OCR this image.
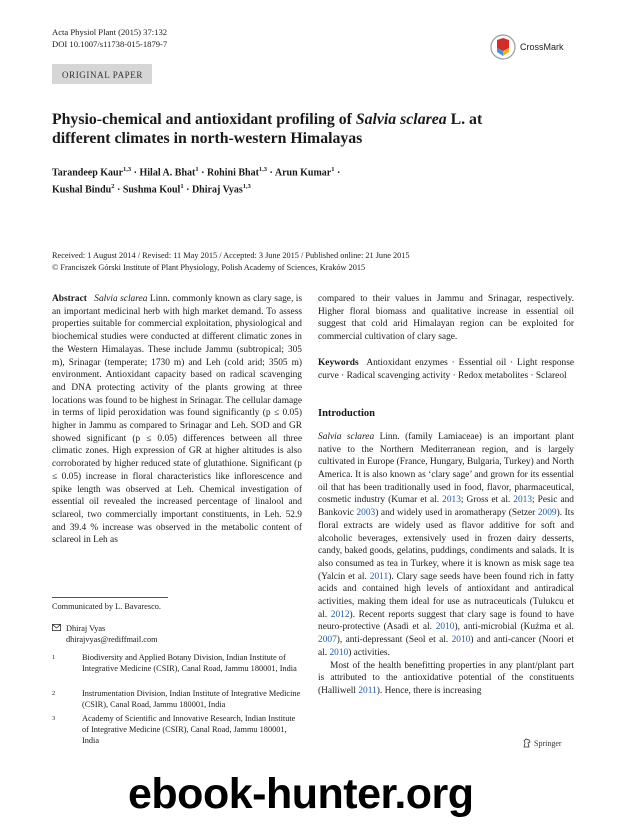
Acta Physiol Plant (2015) 37:132
DOI 10.1007/s11738-015-1879-7	CrossMark
ORIGINAL PAPER
Physio-chemical and antioxidant profiling of Salvia sclarea L. at different climates in north-western Himalayas
Tarandeep Kaur$^{1,3}$ · Hilal A. Bhat$^1$ · Rohini Bhat$^{1,3}$ · Arun Kumar$^1$ ·
Kushal Bindu$^2$ · Sushma Koul$^1$ · Dhiraj Vyas$^{1,3}$
Received: 1 August 2014 / Revised: 11 May 2015 / Accepted: 3 June 2015 / Published online: 21 June 2015
© Franciszek Górski Institute of Plant Physiology, Polish Academy of Sciences, Kraków 2015
Abstract Salvia sclarea Linn. commonly known as clary sage, is an important medicinal herb with high market demand. To assess properties suitable for commercial exploitation, physiological and biochemical studies were conducted at different climatic zones in the Western Himalayas. These include Jammu (subtropical; 305 m), Srinagar (temperate; 1730 m) and Leh (cold arid; 3505 m) environment. Antioxidant capacity based on radical scavenging and DNA protecting activity of the plants growing at three locations was found to be highest in Srinagar. The cellular damage in terms of lipid peroxidation was found significantly (p ≤ 0.05) higher in Jammu as compared to Srinagar and Leh. SOD and GR showed significant (p ≤ 0.05) differences between all three climatic zones. High expression of GR at higher altitudes is also corroborated by higher reduced state of glutathione. Significant (p ≤ 0.05) increase in floral characteristics like inflorescence and spike length was observed at Leh. Chemical investigation of essential oil revealed the increased percentage of linalool and sclareol, two commercially important constituents, in Leh. 52.9 and 39.4 % increase was observed in the metabolic content of sclareol in Leh as
Communicated by L. Bavaresco.
Dhiraj Vyas
dhirajvyas@rediffmail.com
1	Biodiversity and Applied Botany Division, Indian Institute of Integrative Medicine (CSIR), Canal Road, Jammu 180001, India
2	Instrumentation Division, Indian Institute of Integrative Medicine (CSIR), Canal Road, Jammu 180001, India
3	Academy of Scientific and Innovative Research, Indian Institute of Integrative Medicine (CSIR), Canal Road, Jammu 180001, India
compared to their values in Jammu and Srinagar, respectively. Higher floral biomass and qualitative increase in essential oil suggest that cold arid Himalayan region can be exploited for commercial cultivation of clary sage.
Keywords Antioxidant enzymes · Essential oil · Light response curve · Radical scavenging activity · Redox metabolites · Sclareol
Introduction
Salvia sclarea Linn. (family Lamiaceae) is an important plant native to the Northern Mediterranean region, and is largely cultivated in Europe (France, Hungary, Bulgaria, Turkey) and North America. It is also known as ‘clary sage’ and grown for its essential oil that has been traditionally used in food, flavor, pharmaceutical, cosmetic industry (Kumar et al. 2013; Gross et al. 2013; Pesic and Bankovic 2003) and widely used in aromatherapy (Setzer 2009). Its floral extracts are widely used as flavor additive for soft and alcoholic beverages, extensively used in frozen dairy desserts, candy, baked goods, gelatins, puddings, condiments and salads. It is also consumed as tea in Turkey, where it is known as misk sage tea (Yalcin et al. 2011). Clary sage seeds have been found rich in fatty acids and contained high levels of antioxidant and antiradical activities, making them ideal for use as nutraceuticals (Tulukcu et al. 2012). Recent reports suggest that clary sage is found to have neuro-protective (Asadi et al. 2010), anti-microbial (Kuźma et al. 2007), anti-depressant (Seol et al. 2010) and anti-cancer (Noori et al. 2010) activities.
Most of the health benefitting properties in any plant/plant part is attributed to the antioxidative potential of the constituents (Halliwell 2011). Hence, there is increasing
Springer
ebook-hunter.org
